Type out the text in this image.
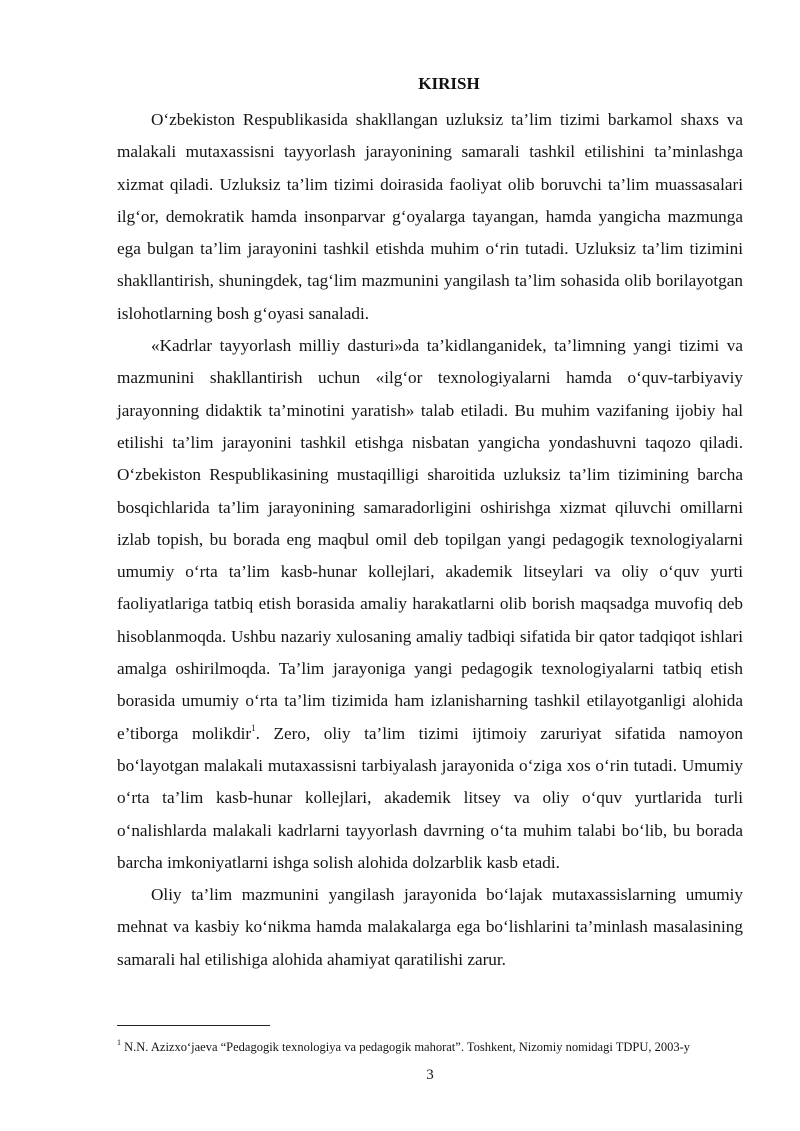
KIRISH

O‘zbekiston Respublikasida shakllangan uzluksiz ta’lim tizimi barkamol shaxs va malakali mutaxassisni tayyorlash jarayonining samarali tashkil etilishini ta’minlashga xizmat qiladi. Uzluksiz ta’lim tizimi doirasida faoliyat olib boruvchi ta’lim muassasalari ilg‘or, demokratik hamda insonparvar g‘oyalarga tayangan, hamda yangicha mazmunga ega bulgan ta’lim jarayonini tashkil etishda muhim o‘rin tutadi. Uzluksiz ta’lim tizimini shakllantirish, shuningdek, tag‘lim mazmunini yangilash ta’lim sohasida olib borilayotgan islohotlarning bosh g‘oyasi sanaladi.

«Kadrlar tayyorlash milliy dasturi»da ta’kidlanganidek, ta’limning yangi tizimi va mazmunini shakllantirish uchun «ilg‘or texnologiyalarni hamda o‘quv-tarbiyaviy jarayonning didaktik ta’minotini yaratish» talab etiladi. Bu muhim vazifaning ijobiy hal etilishi ta’lim jarayonini tashkil etishga nisbatan yangicha yondashuvni taqozo qiladi. O‘zbekiston Respublikasining mustaqilligi sharoitida uzluksiz ta’lim tizimining barcha bosqichlarida ta’lim jarayonining samaradorligini oshirishga xizmat qiluvchi omillarni izlab topish, bu borada eng maqbul omil deb topilgan yangi pedagogik texnologiyalarni umumiy o‘rta ta’lim kasb-hunar kollejlari, akademik litseylari va oliy o‘quv yurti faoliyatlariga tatbiq etish borasida amaliy harakatlarni olib borish maqsadga muvofiq deb hisoblanmoqda. Ushbu nazariy xulosaning amaliy tadbiqi sifatida bir qator tadqiqot ishlari amalga oshirilmoqda. Ta’lim jarayoniga yangi pedagogik texnologiyalarni tatbiq etish borasida umumiy o‘rta ta’lim tizimida ham izlanisharning tashkil etilayotganligi alohida e’tiborga molikdir$^1$. Zero, oliy ta’lim tizimi ijtimoiy zaruriyat sifatida namoyon bo‘layotgan malakali mutaxassisni tarbiyalash jarayonida o‘ziga xos o‘rin tutadi. Umumiy o‘rta ta’lim kasb-hunar kollejlari, akademik litsey va oliy o‘quv yurtlarida turli o‘nalishlarda malakali kadrlarni tayyorlash davrning o‘ta muhim talabi bo‘lib, bu borada barcha imkoniyatlarni ishga solish alohida dolzarblik kasb etadi.

Oliy ta’lim mazmunini yangilash jarayonida bo‘lajak mutaxassislarning umumiy mehnat va kasbiy ko‘nikma hamda malakalarga ega bo‘lishlarini ta’minlash masalasining samarali hal etilishiga alohida ahamiyat qaratilishi zarur.

$^1$ N.N. Azizxo‘jaeva “Pedagogik texnologiya va pedagogik mahorat”. Toshkent, Nizomiy nomidagi TDPU, 2003-y
3
